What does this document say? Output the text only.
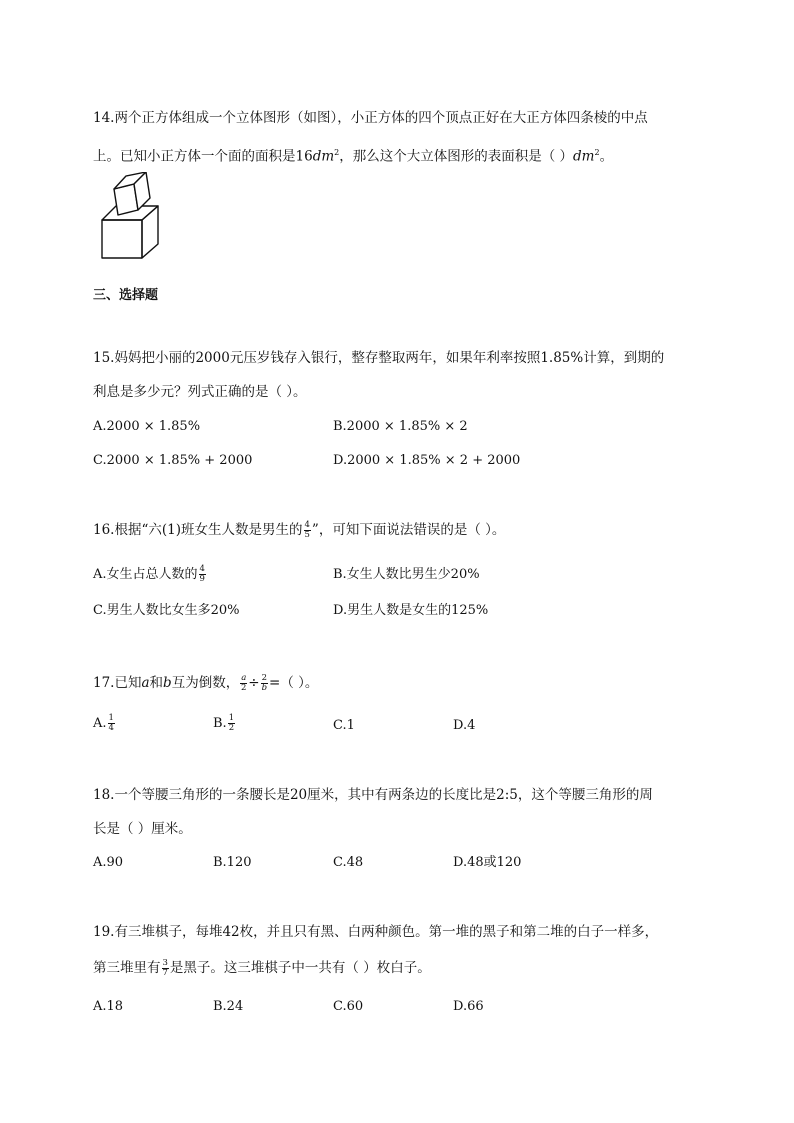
14.两个正方体组成一个立体图形（如图），小正方体的四个顶点正好在大正方体四条棱的中点
上。已知小正方体一个面的面积是$16dm^2$，那么这个大立体图形的表面积是（ ）$dm^2$。
三、选择题
15.妈妈把小丽的2000元压岁钱存入银行，整存整取两年，如果年利率按照1.85%计算，到期的
利息是多少元？列式正确的是（ ）。
A.2000 × 1.85%	B.2000 × 1.85% × 2
C.2000 × 1.85% + 2000	D.2000 × 1.85% × 2 + 2000
16.根据“六(1)班女生人数是男生的 $\frac{4}{5}$ ”，可知下面说法错误的是（ ）。
A.女生占总人数的 $\frac{4}{9}$	B.女生人数比男生少20%
C.男生人数比女生多20%	D.男生人数是女生的125%
17.已知a和b互为倒数， $\frac{a}{2} \div \frac{2}{b}$ =（ ）。
A. $\frac{1}{4}$	B. $\frac{1}{2}$	C.1	D.4
18.一个等腰三角形的一条腰长是20厘米，其中有两条边的长度比是2:5，这个等腰三角形的周
长是（ ）厘米。
A.90	B.120	C.48	D.48或120
19.有三堆棋子，每堆42枚，并且只有黑、白两种颜色。第一堆的黑子和第二堆的白子一样多，
第三堆里有 $\frac{3}{7}$ 是黑子。这三堆棋子中一共有（ ）枚白子。
A.18	B.24	C.60	D.66
